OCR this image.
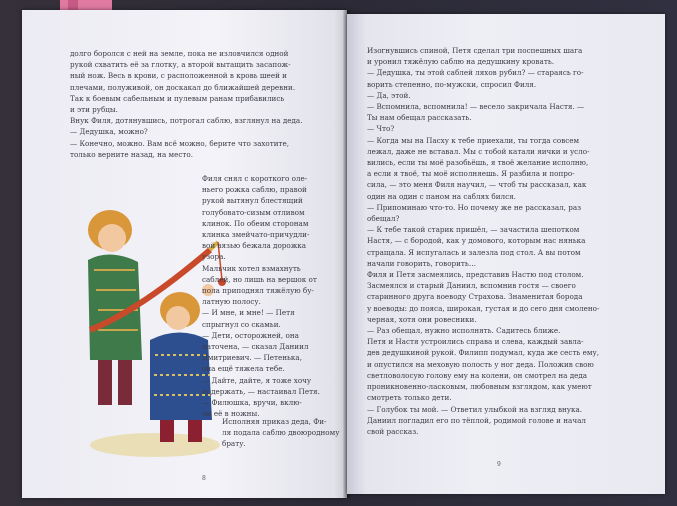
долго боролся с ней на земле, пока не изловчился одной

рукой схватить её за глотку, а второй вытащить засапож-

ный нож. Весь в крови, с расположенной в кровь шеей и

плечами, полуживой, он доскакал до ближайшей деревни.

Так к боевым сабельным и пулевым ранам прибавились

и эти рубцы.

Внук Филя, дотянувшись, потрогал саблю, взглянул на деда.

— Дедушка, можно?

— Конечно, можно. Вам всё можно, берите что захотите,

только верните назад, на место.

Филя снял с короткого оле-

ньего рожка саблю, правой

рукой вытянул блестящий

голубовато-сизым отливом

клинок. По обеим сторонам

клинка змейчато-причудли-

вой вязью бежала дорожка

узора.

Мальчик хотел взмахнуть

саблей, но лишь на вершок от

пола приподнял тяжёлую бу-

латную полосу.

— И мне, и мне! — Петя

спрыгнул со скамьи.

— Дети, осторожней, она

наточена, — сказал Даниил

Дмитриевич. — Петенька,

она ещё тяжела тебе.

— Дайте, дайте, я тоже хочу

подержать, — настаивал Петя.

— Филюшка, вручи, вклю-

чи её в ножны.

Исполняя приказ деда, Фи-

ля подала саблю двоюродному

брату.

8

Изогнувшись спиной, Петя сделал три поспешных шага

и уронил тяжёлую саблю на дедушкину кровать.

— Дедушка, ты этой саблей ляхов рубил? — стараясь го-

ворить степенно, по-мужски, спросил Филя.

— Да, этой.

— Вспомнила, вспомнила! — весело закричала Настя. —

Ты нам обещал рассказать.

— Что?

— Когда мы на Пасху к тебе приехали, ты тогда совсем

лежал, даже не вставал. Мы с тобой катали яички и усло-

вились, если ты моё разобьёшь, я твоё желание исполню,

а если я твоё, ты моё исполняешь. Я разбила и попро-

сила, — это меня Филя научил, — чтоб ты рассказал, как

один на один с паном на саблях бился.

— Припоминаю что-то. Но почему же не рассказал, раз

обещал?

— К тебе такой старик пришёл, — зачастила шепотком

Настя, — с бородой, как у домового, которым нас нянька

стращала. Я испугалась и залезла под стол. А вы потом

начали говорить, говорить…

Филя и Петя засмеялись, представив Настю под столом.

Засмеялся и старый Даниил, вспомнив гостя — своего

старинного друга воеводу Страхова. Знаменитая борода

у воеводы: до пояса, широкая, густая и до сего дня смолено-

черная, хотя они ровесники.

— Раз обещал, нужно исполнять. Садитесь ближе.

Петя и Настя устроились справа и слева, каждый завла-

дев дедушкиной рукой. Филипп подумал, куда же сесть ему,

и опустился на меховую полость у ног деда. Положив свою

светловолосую голову ему на колени, он смотрел на деда

проникновенно-ласковым, любовным взглядом, как умеют

смотреть только дети.

— Голубок ты мой. — Ответил улыбкой на взгляд внука.

Даниил погладил его по тёплой, родимой голове и начал

свой рассказ.

9
